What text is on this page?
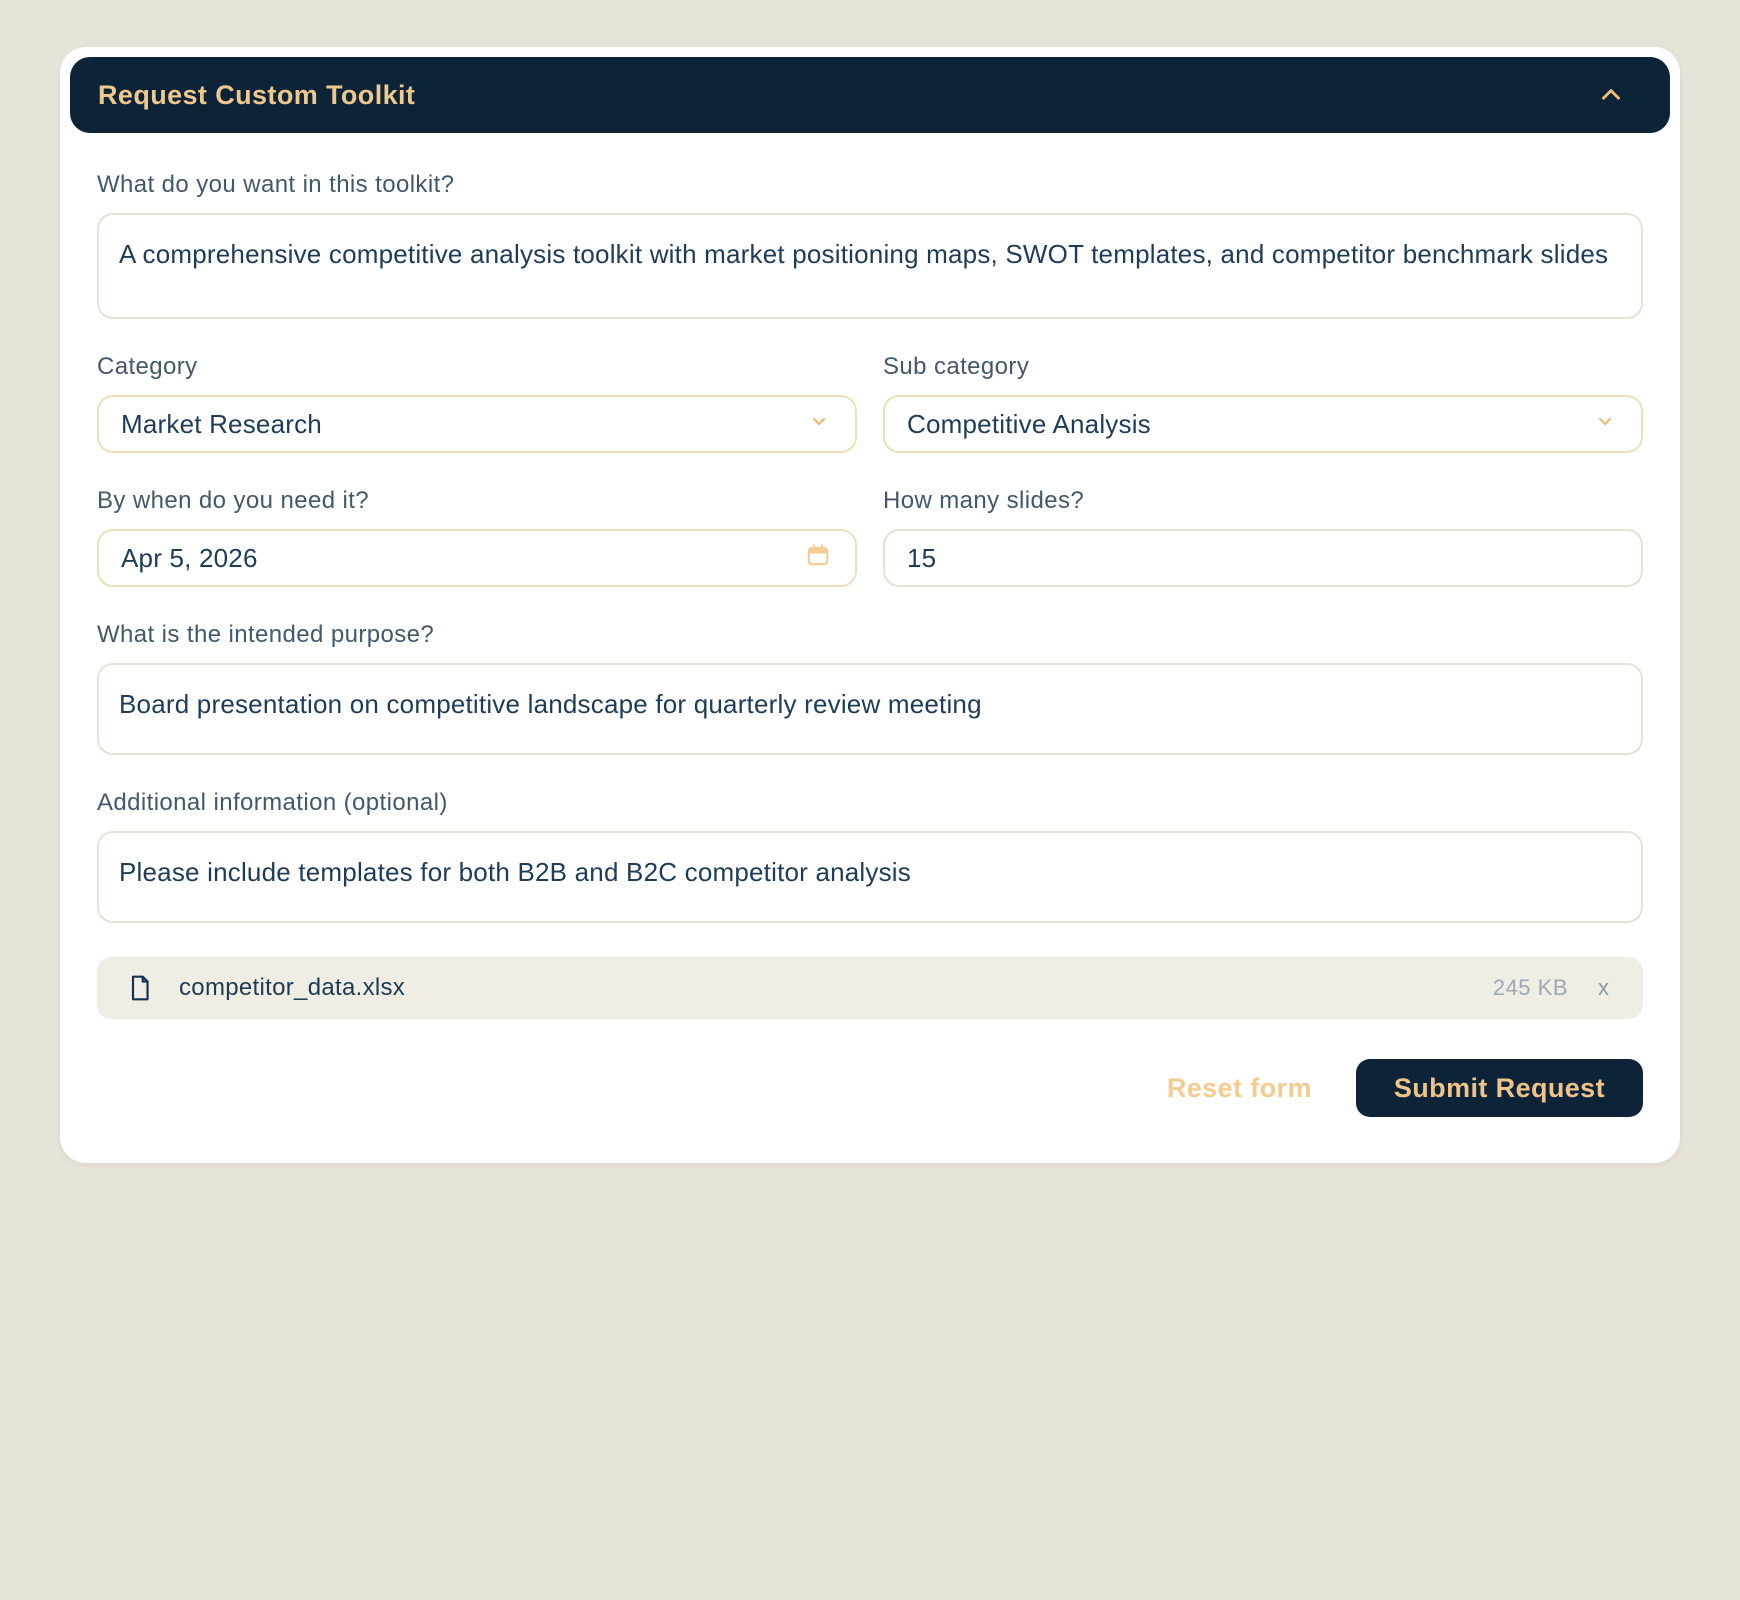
Request Custom Toolkit
What do you want in this toolkit?
A comprehensive competitive analysis toolkit with market positioning maps, SWOT templates, and competitor benchmark slides
Category
Market Research
Sub category
Competitive Analysis
By when do you need it?
Apr 5, 2026
How many slides?
15
What is the intended purpose?
Board presentation on competitive landscape for quarterly review meeting
Additional information (optional)
Please include templates for both B2B and B2C competitor analysis
competitor_data.xlsx	245 KB x
Reset form	Submit Request
